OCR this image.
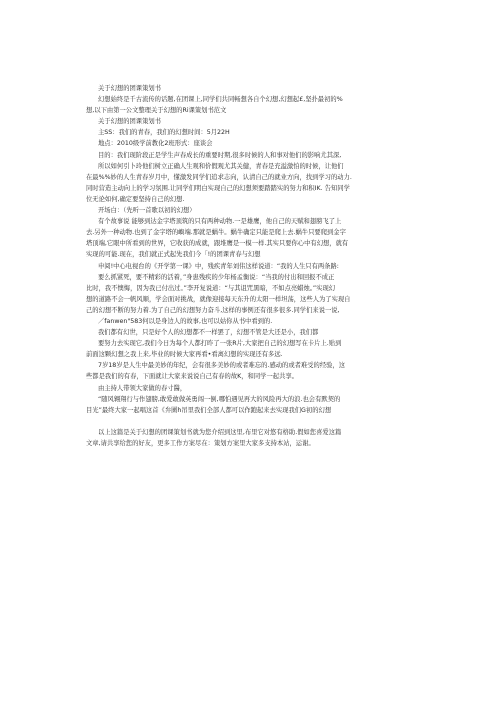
关于幻想的团课策划书

幻想始终是千古流传的话题,在团课上,同学们共同畅想各自个幻想,幻想起£,坚扑最初的%

想,以下由第一公文整理关于幻想的Ri课策划书范文

关于幻想的团课策划书

主SS：我们的青春，我们的幻想时间：5月22H

地点：2010级学前教化2班形式：座谈会

目的：我们现阶段正是学生声春成长的重要时期,很多时候的人和事对他们的影响尤其深,

所以如何引卜玲他们树立正确人生观和价假观尤其关健，青春是充溢激怕的时候，让他们

在最%%妙的人生青春岁月中，懂激发同学们追求志向，认清自己的就业方向，找到学习的动力.

同时营造主动向上的学习氛围.让同学们明白实现自己的幻想须要踏踏实的努力和积IK. 告知同学

位无论如何,确定要坚持自己的幻想.

开场白：（先听一首歌以初的幻想）

有个故事说 能够到达金字塔顶筑的只有两种动物.一是雄鹰，他自己的天赋和翅膀飞了上

去.另外一种动物.也到了金字塔的嶼端.那就是蜗牛。蜗牛确定只能是爬上去.蜗牛只要爬到金字

塔顶端,它眼中所看到的世界，它收获的成就，跟堆鹰是一模一样.其实只要你心中有幻想，就有

实现的可能.现在，我们就正式起先我们今「!的团课青春与幻想

申阅!中心电视台的《开学第一课》中，残疾青年刘伟这样说道：“我的人生只有两条路:

要么抓紧死，要不精彩的活着，”身患残疾的少年杨孟衡说：“当我的付出和回报不成正

比时，我不懊悔，因为我已付出过。”李开复说道：“与其诅咒黑暗，不如点亮蜡烛。”实现幻

想的道路不会一帆风顺，学会面对挑战，就像迎接每天东升的太阳一样坦荡，这些人为了实现自

己的幻想不断的努力着.为了自己的幻想努力奋斗,这样的事例还有很多很多.同学们来说一说,

／fanwen"583何以是身边人的故事,也可以姑你从书中看到的.

我们都有幻世，只是好个人的幻想都不一样罢了，幻想不管是大还是小，我们都

要努力去实现它,我们今日为每个人都打昨了一张R片,大家把自己的幻想写在卡片上.贴到

前面这颗幻想之我上来,毕业的时候大家再看•看离幻想的实现还有多远.

7岁18岁是人生中最美妙的年纪，会有很多美妙的或者难忘的.感动的或者难受的经验，这

些都是我们的有春，下面就让大家来说说自己有春的故K，和同学一起共享。

由主持人带领大家做的春寸醫，

“随风翱翔行与作翅膀,敢爱敢做英勇闯一倒,哪怕遇见再大的风险再大的浪.也会有默契的

目光”最终大家一起唱这首《弁圏h吊里我们全部人都可以作跑起来去实现我们G初的幻想

以上这篇是关于幻想的团课策划书就为您介绍到这里,布里它对悠有格助.假如您喜爱这篇

文章,请共享给您的好友，更多工作方案尽在：策划方案里大家多支持本站，运谢。
